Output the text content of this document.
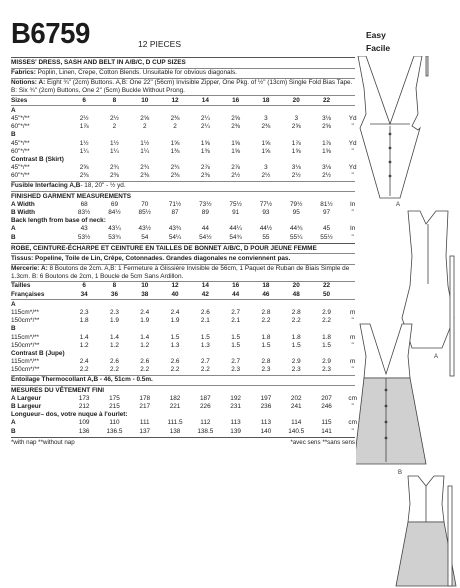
B6759	12 PIECES
Easy
Facile
MISSES' DRESS, SASH AND BELT IN A/B/C, D CUP SIZES
Fabrics: Poplin, Linen, Crepe, Cotton Blends. Unsuitable for obvious diagonals.
Notions: A: Eight ¾" (2cm) Buttons. A,B: One 22" (56cm) Invisible Zipper, One Pkg. of ½" (13cm) Single Fold Bias Tape. B: Six ¾" (2cm) Buttons, One 2" (5cm) Buckle Without Prong.
Sizes	6	8	10	12	14	16	18	20	22
A
45"*/**	2½	2½	2⅝	2⅜	2¼	2⅝	3	3	3⅛	Yd
60"*/**	1⅞	2	2	2	2¼	2⅜	2⅜	2⅝	2⅝	"
B
45"*/**	1½	1½	1½	1⅝	1⅝	1⅝	1⅝	1⅞	1⅞	Yd
60"*/**	1¼	1¼	1¼	1⅜	1⅜	1⅝	1⅝	1⅝	1⅝	"
Contrast B (Skirt)
45"*/**	2⅝	2¾	2¾	2¾	2⅞	2⅞	3	3⅛	3⅛	Yd
60"*/**	2⅜	2⅜	2⅜	2⅜	2⅜	2½	2½	2½	2½	"
Fusible Interfacing A,B - 18, 20" - ½ yd.
FINISHED GARMENT MEASUREMENTS
A Width	68	69	70	71½	73½	75½	77½	79½	81½	In
B Width	83½	84½	85½	87	89	91	93	95	97	"
Back length from base of neck:
A	43	43¼	43½	43¾	44	44¼	44½	44¾	45	In
B	53½	53¾	54	54¼	54½	54¾	55	55¼	55½	"
ROBE, CEINTURE-ÉCHARPE ET CEINTURE EN TAILLES DE BONNET A/B/C, D POUR JEUNE FEMME
Tissus: Popeline, Toile de Lin, Crêpe, Cotonnades. Grandes diagonales ne conviennent pas.
Mercerie: A: 8 Boutons de 2cm. A,B: 1 Fermeture à Glissière Invisible de 56cm, 1 Paquet de Ruban de Biais Simple de 1.3cm. B: 6 Boutons de 2cm, 1 Boucle de 5cm Sans Ardillon.
Tailles	6	8	10	12	14	16	18	20	22
Françaises	34	36	38	40	42	44	46	48	50
A
115cm*/**	2.3	2.3	2.4	2.4	2.6	2.7	2.8	2.8	2.9	m
150cm*/**	1.8	1.9	1.9	1.9	2.1	2.1	2.2	2.2	2.2	"
B
115cm*/**	1.4	1.4	1.4	1.5	1.5	1.5	1.8	1.8	1.8	m
150cm*/**	1.2	1.2	1.2	1.3	1.3	1.5	1.5	1.5	1.5	"
Contrast B (Jupe)
115cm*/**	2.4	2.6	2.6	2.6	2.7	2.7	2.8	2.9	2.9	m
150cm*/**	2.2	2.2	2.2	2.2	2.2	2.3	2.3	2.3	2.3	"
Entoilage Thermocollant A,B - 46, 51cm - 0.5m.
MESURES DU VÊTEMENT FINI
A Largeur	173	175	178	182	187	192	197	202	207	cm
B Largeur	212	215	217	221	226	231	236	241	246	"
Longueur– dos, votre nuque à l'ourlet:
A	109	110	111	111.5	112	113	113	114	115	cm
B	136	136.5	137	138	138.5	139	140	140.5	141	"
*with nap **without nap	*avec sens **sans sens
A
A
B
